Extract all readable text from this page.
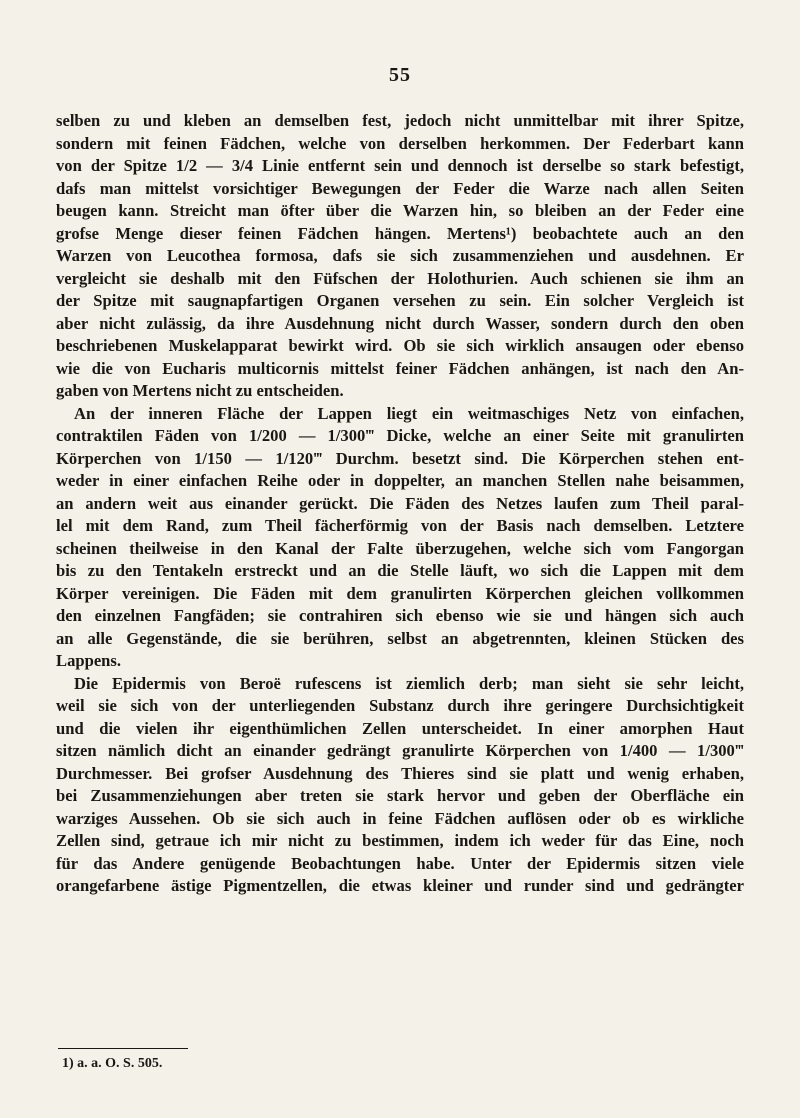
55
selben zu und kleben an demselben fest, jedoch nicht unmittelbar mit ihrer Spitze,
sondern mit feinen Fädchen, welche von derselben herkommen. Der Federbart kann
von der Spitze 1/2 — 3/4 Linie entfernt sein und dennoch ist derselbe so stark befestigt,
dafs man mittelst vorsichtiger Bewegungen der Feder die Warze nach allen Seiten
beugen kann. Streicht man öfter über die Warzen hin, so bleiben an der Feder eine
grofse Menge dieser feinen Fädchen hängen. Mertens¹) beobachtete auch an den
Warzen von Leucothea formosa, dafs sie sich zusammenziehen und ausdehnen. Er
vergleicht sie deshalb mit den Füfschen der Holothurien. Auch schienen sie ihm an
der Spitze mit saugnapfartigen Organen versehen zu sein. Ein solcher Vergleich ist
aber nicht zulässig, da ihre Ausdehnung nicht durch Wasser, sondern durch den oben
beschriebenen Muskelapparat bewirkt wird. Ob sie sich wirklich ansaugen oder ebenso
wie die von Eucharis multicornis mittelst feiner Fädchen anhängen, ist nach den An-
gaben von Mertens nicht zu entscheiden.
An der inneren Fläche der Lappen liegt ein weitmaschiges Netz von einfachen,
contraktilen Fäden von 1/200 — 1/300‴ Dicke, welche an einer Seite mit granulirten
Körperchen von 1/150 — 1/120‴ Durchm. besetzt sind. Die Körperchen stehen ent-
weder in einer einfachen Reihe oder in doppelter, an manchen Stellen nahe beisammen,
an andern weit aus einander gerückt. Die Fäden des Netzes laufen zum Theil paral-
lel mit dem Rand, zum Theil fächerförmig von der Basis nach demselben. Letztere
scheinen theilweise in den Kanal der Falte überzugehen, welche sich vom Fangorgan
bis zu den Tentakeln erstreckt und an die Stelle läuft, wo sich die Lappen mit dem
Körper vereinigen. Die Fäden mit dem granulirten Körperchen gleichen vollkommen
den einzelnen Fangfäden; sie contrahiren sich ebenso wie sie und hängen sich auch
an alle Gegenstände, die sie berühren, selbst an abgetrennten, kleinen Stücken des
Lappens.
Die Epidermis von Beroë rufescens ist ziemlich derb; man sieht sie sehr leicht,
weil sie sich von der unterliegenden Substanz durch ihre geringere Durchsichtigkeit
und die vielen ihr eigenthümlichen Zellen unterscheidet. In einer amorphen Haut
sitzen nämlich dicht an einander gedrängt granulirte Körperchen von 1/400 — 1/300‴
Durchmesser. Bei grofser Ausdehnung des Thieres sind sie platt und wenig erhaben,
bei Zusammenziehungen aber treten sie stark hervor und geben der Oberfläche ein
warziges Aussehen. Ob sie sich auch in feine Fädchen auflösen oder ob es wirkliche
Zellen sind, getraue ich mir nicht zu bestimmen, indem ich weder für das Eine, noch
für das Andere genügende Beobachtungen habe. Unter der Epidermis sitzen viele
orangefarbene ästige Pigmentzellen, die etwas kleiner und runder sind und gedrängter
1) a. a. O. S. 505.
